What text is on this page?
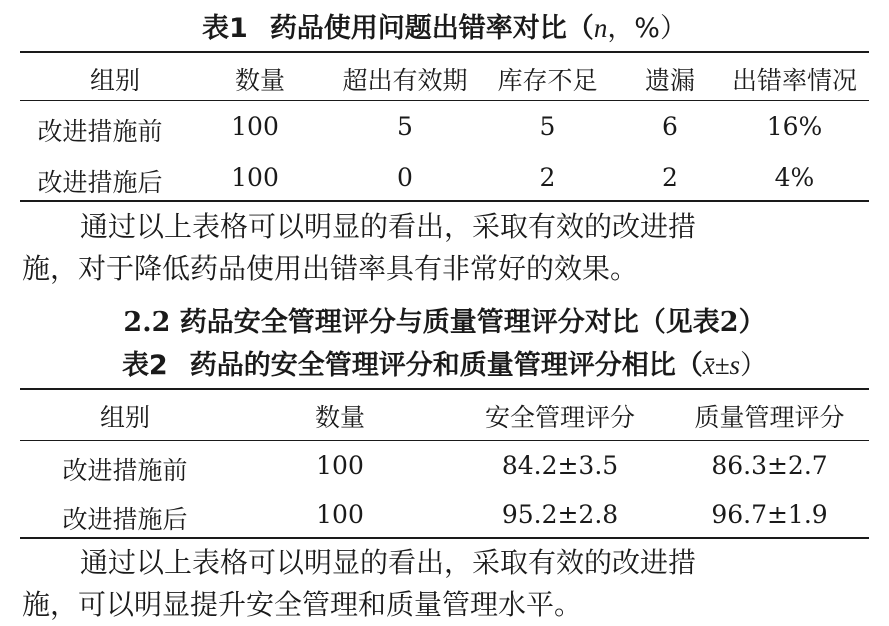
表1 药品使用问题出错率对比（n，%）
组别	数量	超出有效期	库存不足	遗漏	出错率情况
改进措施前	100	5	5	6	16%
改进措施后	100	0	2	2	4%
通过以上表格可以明显的看出，采取有效的改进措
施，对于降低药品使用出错率具有非常好的效果。
2.2 药品安全管理评分与质量管理评分对比（见表2）
表2 药品的安全管理评分和质量管理评分相比（x̄±s）
组别	数量	安全管理评分	质量管理评分
改进措施前	100	84.2±3.5	86.3±2.7
改进措施后	100	95.2±2.8	96.7±1.9
通过以上表格可以明显的看出，采取有效的改进措
施，可以明显提升安全管理和质量管理水平。
